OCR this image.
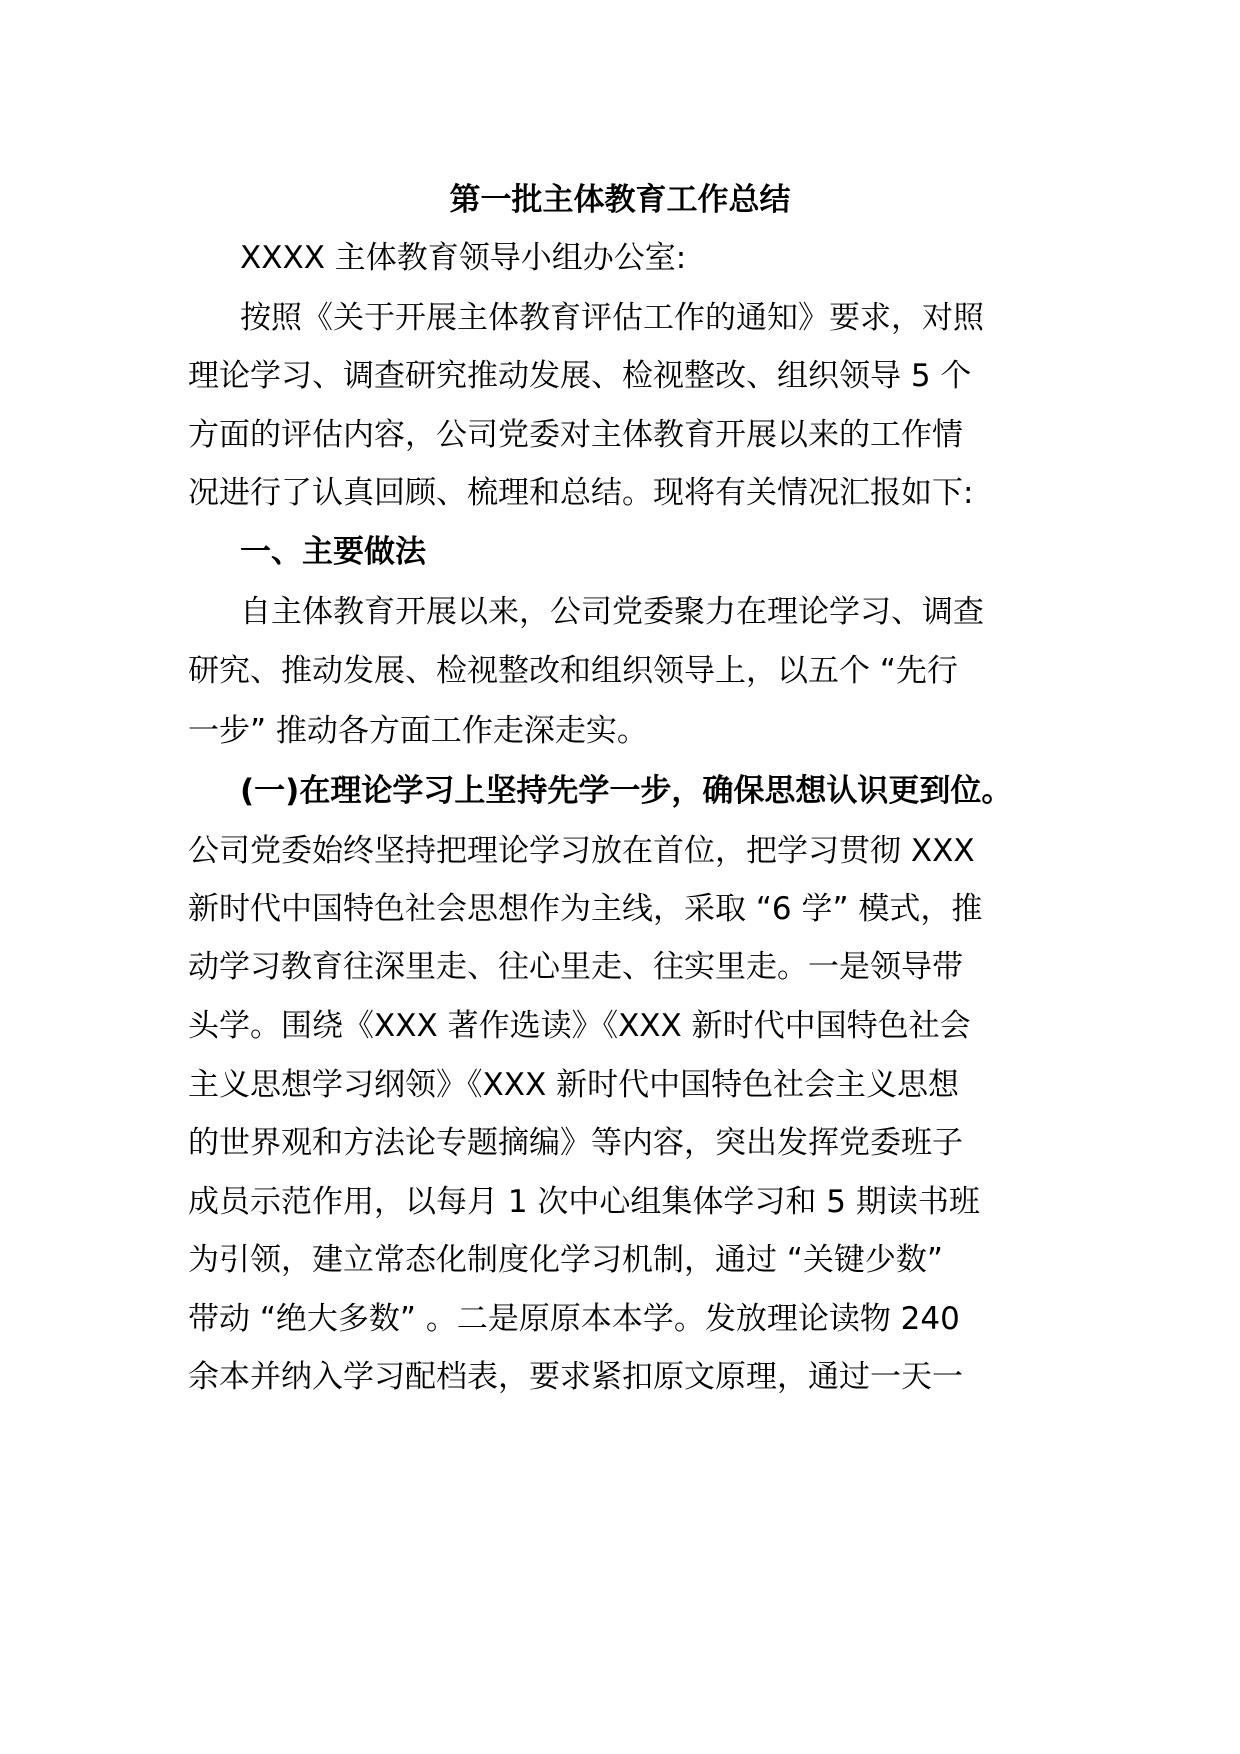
第一批主体教育工作总结
XXXX 主体教育领导小组办公室:
按照《关于开展主体教育评估工作的通知》要求，对照
理论学习、调查研究推动发展、检视整改、组织领导 5 个
方面的评估内容，公司党委对主体教育开展以来的工作情
况进行了认真回顾、梳理和总结。现将有关情况汇报如下:
一、主要做法
自主体教育开展以来，公司党委聚力在理论学习、调查
研究、推动发展、检视整改和组织领导上，以五个 “先行
一步” 推动各方面工作走深走实。
(一)在理论学习上坚持先学一步，确保思想认识更到位。
公司党委始终坚持把理论学习放在首位，把学习贯彻 XXX
新时代中国特色社会思想作为主线，采取 “6 学” 模式，推
动学习教育往深里走、往心里走、往实里走。一是领导带
头学。围绕《XXX 著作选读》《XXX 新时代中国特色社会
主义思想学习纲领》《XXX 新时代中国特色社会主义思想
的世界观和方法论专题摘编》等内容，突出发挥党委班子
成员示范作用，以每月 1 次中心组集体学习和 5 期读书班
为引领，建立常态化制度化学习机制，通过 “关键少数”
带动 “绝大多数” 。二是原原本本学。发放理论读物 240
余本并纳入学习配档表，要求紧扣原文原理，通过一天一
